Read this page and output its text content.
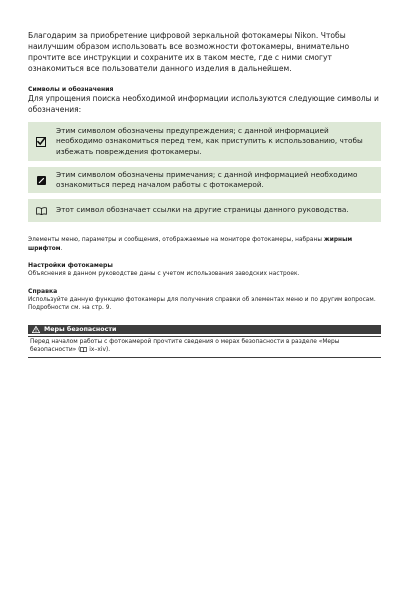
Благодарим за приобретение цифровой зеркальной фотокамеры Nikon. Чтобы наилучшим образом использовать все возможности фотокамеры, внимательно прочтите все инструкции и сохраните их в таком месте, где с ними смогут ознакомиться все пользователи данного изделия в дальнейшем.

Символы и обозначения

Для упрощения поиска необходимой информации используются следующие символы и обозначения:

Этим символом обозначены предупреждения; с данной информацией необходимо ознакомиться перед тем, как приступить к использованию, чтобы избежать повреждения фотокамеры.
Этим символом обозначены примечания; с данной информацией необходимо ознакомиться перед началом работы с фотокамерой.
Этот символ обозначает ссылки на другие страницы данного руководства.

Элементы меню, параметры и сообщения, отображаемые на мониторе фотокамеры, набраны жирным шрифтом.

Настройки фотокамеры

Объяснения в данном руководстве даны с учетом использования заводских настроек.

Справка

Используйте данную функцию фотокамеры для получения справки об элементах меню и по другим вопросам. Подробности см. на стр. 9.

Меры безопасности
Перед началом работы с фотокамерой прочтите сведения о мерах безопасности в разделе «Меры безопасности» ( ix–xiv).
